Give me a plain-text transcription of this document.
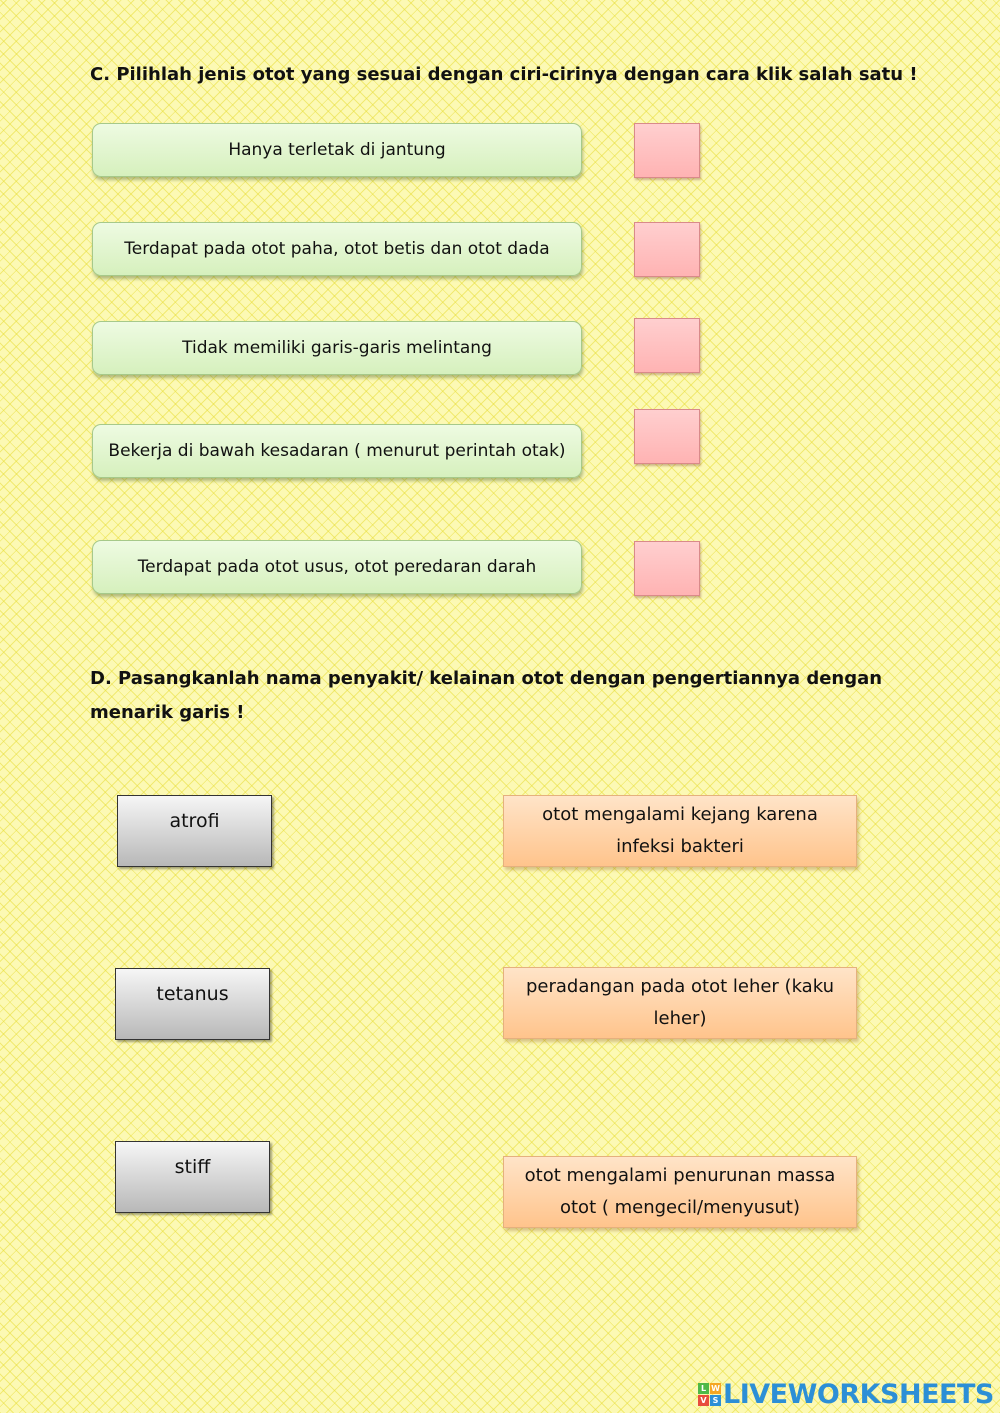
C. Pilihlah jenis otot yang sesuai dengan ciri-cirinya dengan cara klik salah satu !

Hanya terletak di jantung
Terdapat pada otot paha, otot betis dan otot dada
Tidak memiliki garis-garis melintang
Bekerja di bawah kesadaran ( menurut perintah otak)
Terdapat pada otot usus, otot peredaran darah

D. Pasangkanlah nama penyakit/ kelainan otot dengan pengertiannya dengan menarik garis !

atrofi
tetanus
stiff
otot mengalami kejang karena infeksi bakteri
peradangan pada otot leher (kaku leher)
otot mengalami penurunan massa otot ( mengecil/menyusut)
L W
V S LIVEWORKSHEETS
